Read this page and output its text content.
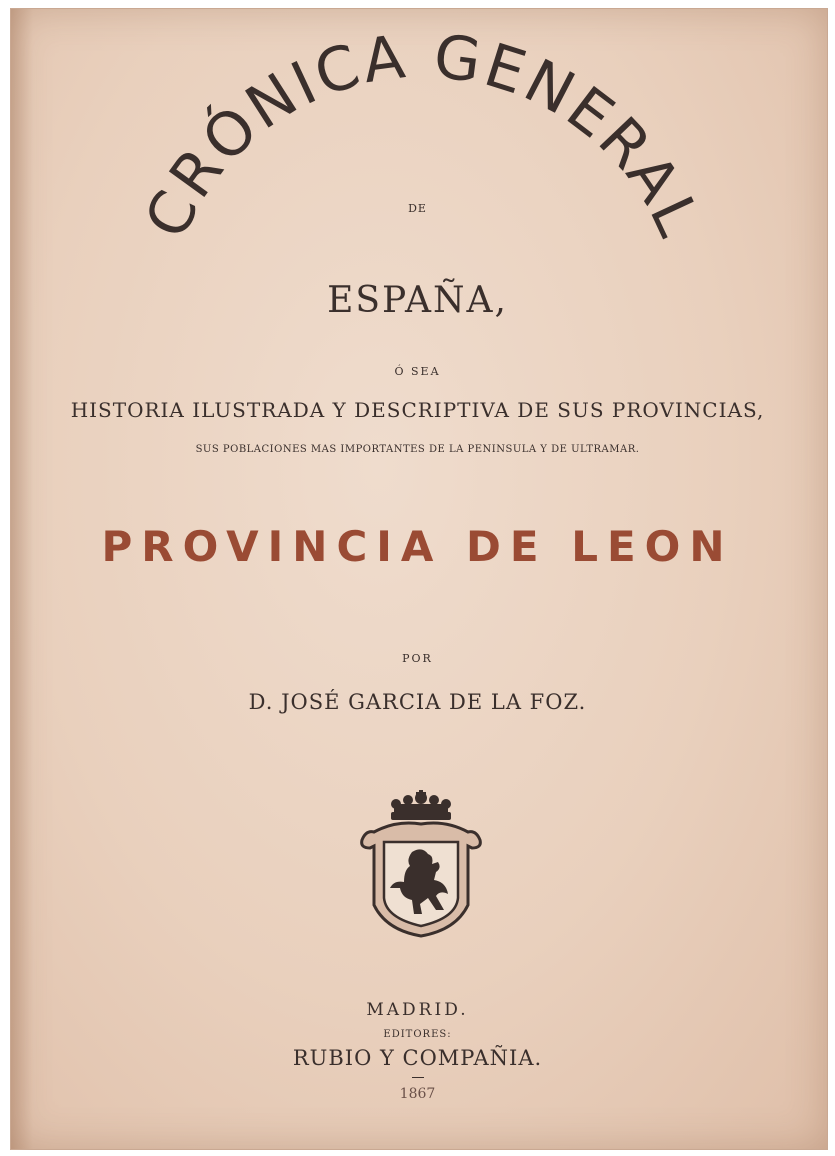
CRÓNICA GENERAL
DE
ESPAÑA,
Ó SEA
HISTORIA ILUSTRADA Y DESCRIPTIVA DE SUS PROVINCIAS,
SUS POBLACIONES MAS IMPORTANTES DE LA PENINSULA Y DE ULTRAMAR.
PROVINCIA DE LEON
POR
D. JOSÉ GARCIA DE LA FOZ.
MADRID.
EDITORES:
RUBIO Y COMPAÑIA.
1867
